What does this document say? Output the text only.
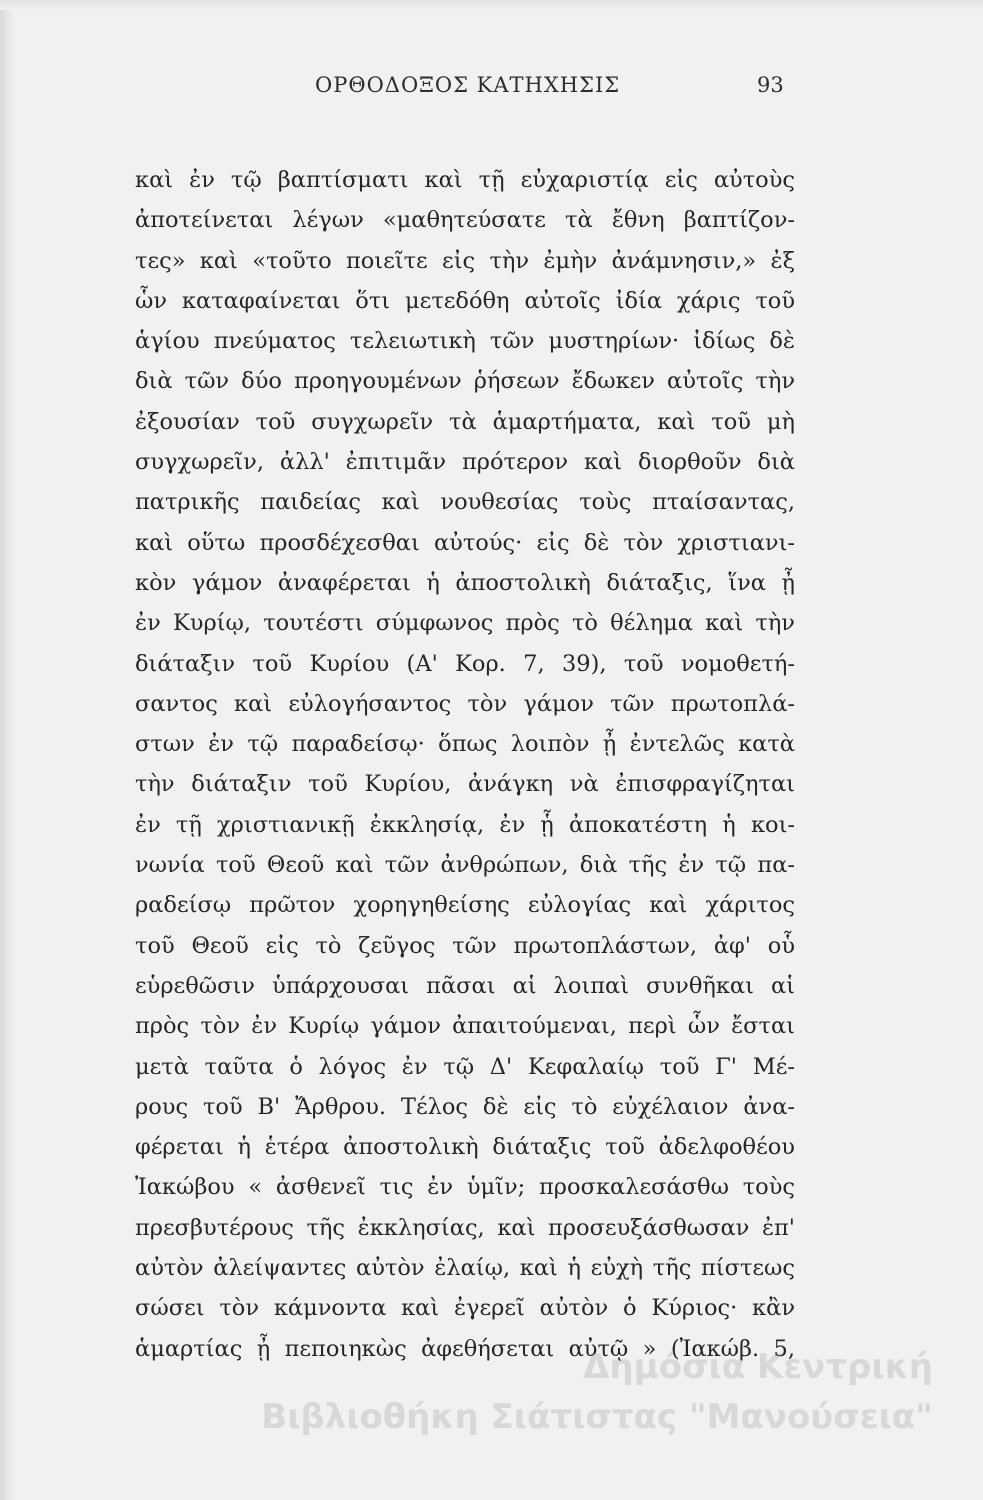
ΟΡΘΟΔΟΞΟΣ ΚΑΤΗΧΗΣΙΣ	93
καὶ ἐν τῷ βαπτίσματι καὶ τῇ εὐχαριστίᾳ εἰς αὐτοὺς
ἀποτείνεται λέγων «μαθητεύσατε τὰ ἔθνη βαπτίζον-
τες» καὶ «τοῦτο ποιεῖτε εἰς τὴν ἐμὴν ἀνάμνησιν,» ἐξ
ὧν καταφαίνεται ὅτι μετεδόθη αὐτοῖς ἰδία χάρις τοῦ
ἁγίου πνεύματος τελειωτικὴ τῶν μυστηρίων· ἰδίως δὲ
διὰ τῶν δύο προηγουμένων ῥήσεων ἔδωκεν αὐτοῖς τὴν
ἐξουσίαν τοῦ συγχωρεῖν τὰ ἁμαρτήματα, καὶ τοῦ μὴ
συγχωρεῖν, ἀλλ' ἐπιτιμᾶν πρότερον καὶ διορθοῦν διὰ
πατρικῆς παιδείας καὶ νουθεσίας τοὺς πταίσαντας,
καὶ οὕτω προσδέχεσθαι αὐτούς· εἰς δὲ τὸν χριστιανι-
κὸν γάμον ἀναφέρεται ἡ ἀποστολικὴ διάταξις, ἵνα ᾖ
ἐν Κυρίῳ, τουτέστι σύμφωνος πρὸς τὸ θέλημα καὶ τὴν
διάταξιν τοῦ Κυρίου (Α' Κορ. 7, 39), τοῦ νομοθετή-
σαντος καὶ εὐλογήσαντος τὸν γάμον τῶν πρωτοπλά-
στων ἐν τῷ παραδείσῳ· ὅπως λοιπὸν ᾖ ἐντελῶς κατὰ
τὴν διάταξιν τοῦ Κυρίου, ἀνάγκη νὰ ἐπισφραγίζηται
ἐν τῇ χριστιανικῇ ἐκκλησίᾳ, ἐν ᾗ ἀποκατέστη ἡ κοι-
νωνία τοῦ Θεοῦ καὶ τῶν ἀνθρώπων, διὰ τῆς ἐν τῷ πα-
ραδείσῳ πρῶτον χορηγηθείσης εὐλογίας καὶ χάριτος
τοῦ Θεοῦ εἰς τὸ ζεῦγος τῶν πρωτοπλάστων, ἀφ' οὗ
εὑρεθῶσιν ὑπάρχουσαι πᾶσαι αἱ λοιπαὶ συνθῆκαι αἱ
πρὸς τὸν ἐν Κυρίῳ γάμον ἀπαιτούμεναι, περὶ ὧν ἔσται
μετὰ ταῦτα ὁ λόγος ἐν τῷ Δ' Κεφαλαίῳ τοῦ Γ' Μέ-
ρους τοῦ Β' Ἄρθρου. Τέλος δὲ εἰς τὸ εὐχέλαιον ἀνα-
φέρεται ἡ ἑτέρα ἀποστολικὴ διάταξις τοῦ ἀδελφοθέου
Ἰακώβου « ἀσθενεῖ τις ἐν ὑμῖν; προσκαλεσάσθω τοὺς
πρεσβυτέρους τῆς ἐκκλησίας, καὶ προσευξάσθωσαν ἐπ'
αὐτὸν ἀλείψαντες αὐτὸν ἐλαίῳ, καὶ ἡ εὐχὴ τῆς πίστεως
σώσει τὸν κάμνοντα καὶ ἐγερεῖ αὐτὸν ὁ Κύριος· κἂν
ἁμαρτίας ᾖ πεποιηκὼς ἀφεθήσεται αὐτῷ » (Ἰακώβ. 5,
Δημόσια Κεντρική
Βιβλιοθήκη Σιάτιστας "Μανούσεια"
